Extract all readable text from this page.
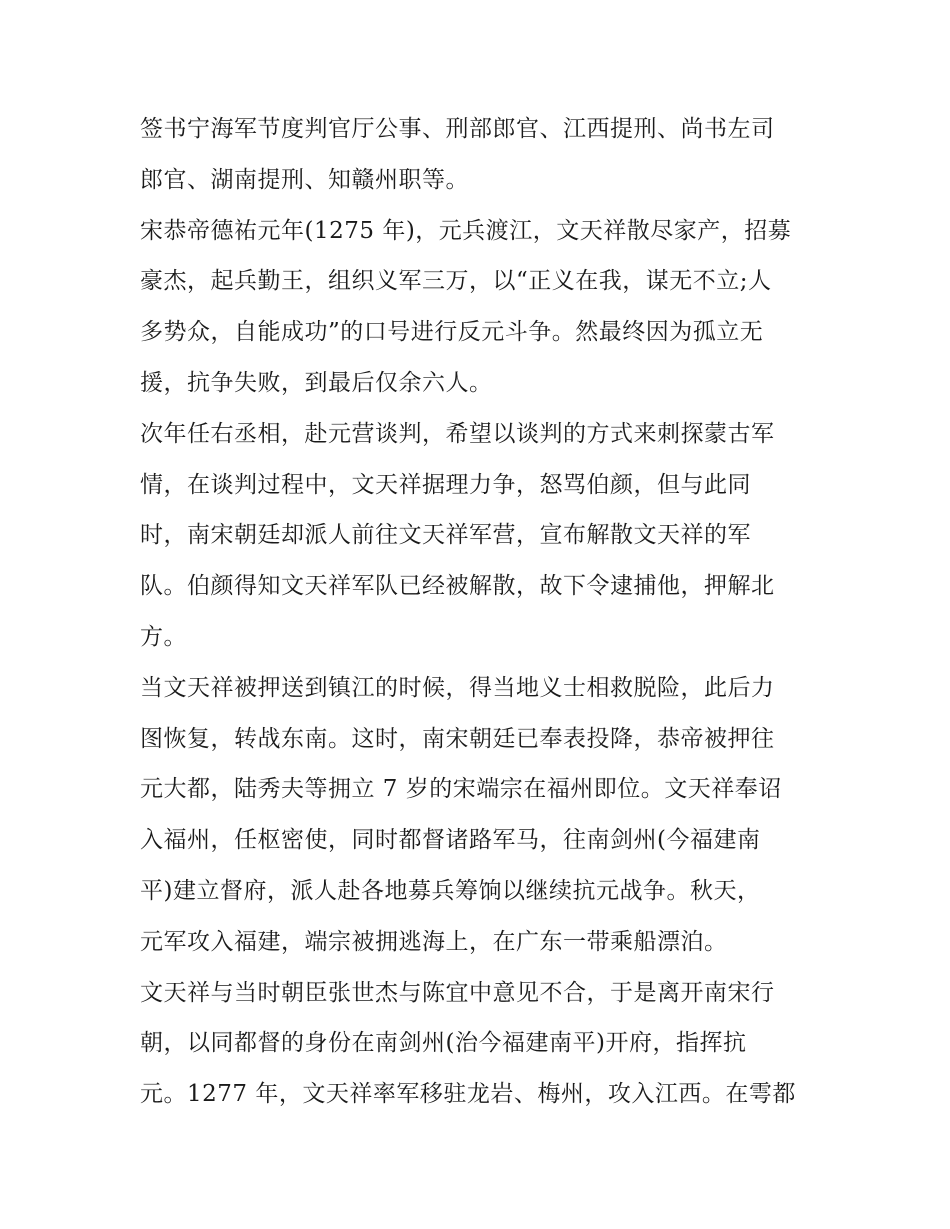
签书宁海军节度判官厅公事、刑部郎官、江西提刑、尚书左司
郎官、湖南提刑、知赣州职等。
宋恭帝德祐元年(1275 年)，元兵渡江，文天祥散尽家产，招募
豪杰，起兵勤王，组织义军三万，以“正义在我，谋无不立;人
多势众，自能成功”的口号进行反元斗争。然最终因为孤立无
援，抗争失败，到最后仅余六人。
次年任右丞相，赴元营谈判，希望以谈判的方式来刺探蒙古军
情，在谈判过程中，文天祥据理力争，怒骂伯颜，但与此同
时，南宋朝廷却派人前往文天祥军营，宣布解散文天祥的军
队。伯颜得知文天祥军队已经被解散，故下令逮捕他，押解北
方。
当文天祥被押送到镇江的时候，得当地义士相救脱险，此后力
图恢复，转战东南。这时，南宋朝廷已奉表投降，恭帝被押往
元大都，陆秀夫等拥立 7 岁的宋端宗在福州即位。文天祥奉诏
入福州，任枢密使，同时都督诸路军马，往南剑州(今福建南
平)建立督府，派人赴各地募兵筹饷以继续抗元战争。秋天，
元军攻入福建，端宗被拥逃海上，在广东一带乘船漂泊。
文天祥与当时朝臣张世杰与陈宜中意见不合，于是离开南宋行
朝，以同都督的身份在南剑州(治今福建南平)开府，指挥抗
元。1277 年，文天祥率军移驻龙岩、梅州，攻入江西。在雩都
